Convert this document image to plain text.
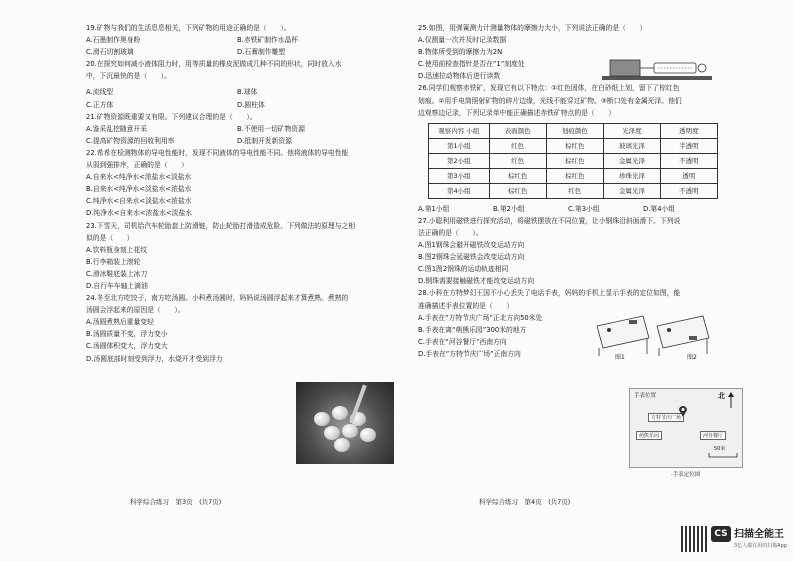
19.矿物与我们的生活息息相关，下列矿物的用途正确的是（　　）。

A.石墨制作奥身粉	B.赤铁矿制作水晶杯
C.滑石切割玻璃	D.石膏制作雕塑

20.在探究如何减小液体阻力时，用等质量的橡皮泥做成几种不同的形状，同时放入水

中，下沉最快的是（　　）。

A.流线型	B.球体
C.正方体	D.圆柱体

21.矿物资源既重要又有限。下列建议合理的是（　　）。

A.鉴采乱挖随意开采	B.不使用一切矿物资源
C.提高矿物资源的回收利用率	D.抵制开发新资源

22.希希在检测物体的导电性能时，发现不同液体的导电性能不同。他将液体的导电性能

从弱到强排序，正确的是（　　）

A.自来水<纯净水<浓盐水<淡盐水
B.自来水<纯净水<淡盐水<浓盐水
C.纯净水<自来水<淡盐水<浓盐水
D.纯净水<自来水<浓盐水<淡盐水

23.下雪天，司机给汽车轮胎套上防滑链，防止轮胎打滑造成危险。下列做法的原理与之相

似的是（　　）

A.饮料瓶身刻上花纹
B.行李箱装上滚轮
C.滑冰鞋底装上冰刀
D.自行车车轴上滴油

24.冬至北方吃饺子，南方吃汤圆。小科煮汤圆时，妈妈说汤圆浮起来才算煮熟。煮熟的

汤圆会浮起来的原因是（　　）。

A.汤圆煮熟后重量变轻
B.汤圆质量不变，浮力变小
C.汤圆体积变大，浮力变大
D.汤圆底部时刻受到浮力，水烧开才受到浮力
科学综合练习　第3页　(共7页)

25.如图，用弹簧测力计测量物体的摩擦力大小，下列说法正确的是（　　）

A.仅测量一次并及时记录数据
B.物体所受到的摩擦力为2N
C.使用前检查指针是否在“1”刻度处
D.迅速拉动物体后进行读数

26.同学们观察赤铁矿，发现它有以下特点：①红色固体，在白砂纸上划，留下了棕红色

划痕。②用手电筒照射矿物的碎片边缘，光线不能穿过矿物。③断口处有金属光泽。他们

边观察边记录，下列记录单中能正确描述赤铁矿特点的是（　　）

观察内容 小组	表面颜色	划痕颜色	光泽度	透明度
第1小组	红色	棕红色	玻璃光泽	半透明
第2小组	红色	棕红色	金属光泽	不透明
第3小组	棕红色	棕红色	珍珠光泽	透明
第4小组	棕红色	红色	金属光泽	不透明
A.第1小组	B.第2小组	C.第3小组	D.第4小组

27.小聪利用磁铁进行探究活动，将磁铁摆放在不同位置，让小钢珠沿斜面滑下。下列说

法正确的是（　　）。

A.图1钢珠会避开磁铁改变运动方向
B.图2钢珠会延磁铁会改变运动方向
C.图1图2钢珠的运动轨迹相同
D.钢珠需要接触磁铁才能改变运动方向

28.小科在方特梦幻王国不小心丢失了电话手表，妈妈的手机上显示手表的定位如图，能

准确描述手表位置的是（　　）

A.手表在“方特节庆广场”正北方向50米处
B.手表在离“萌熊乐园”300米的地方
C.手表在“河谷餐厅”西南方向
D.手表在“方特节庆广场”正南方向	图1	图2
手表位置	北
方特节庆广场
萌熊乐园	河谷餐厅
50米
·手表定位图
科学综合练习　第4页　(共7页)
CS 扫描全能王
3亿人都在用的扫描App
